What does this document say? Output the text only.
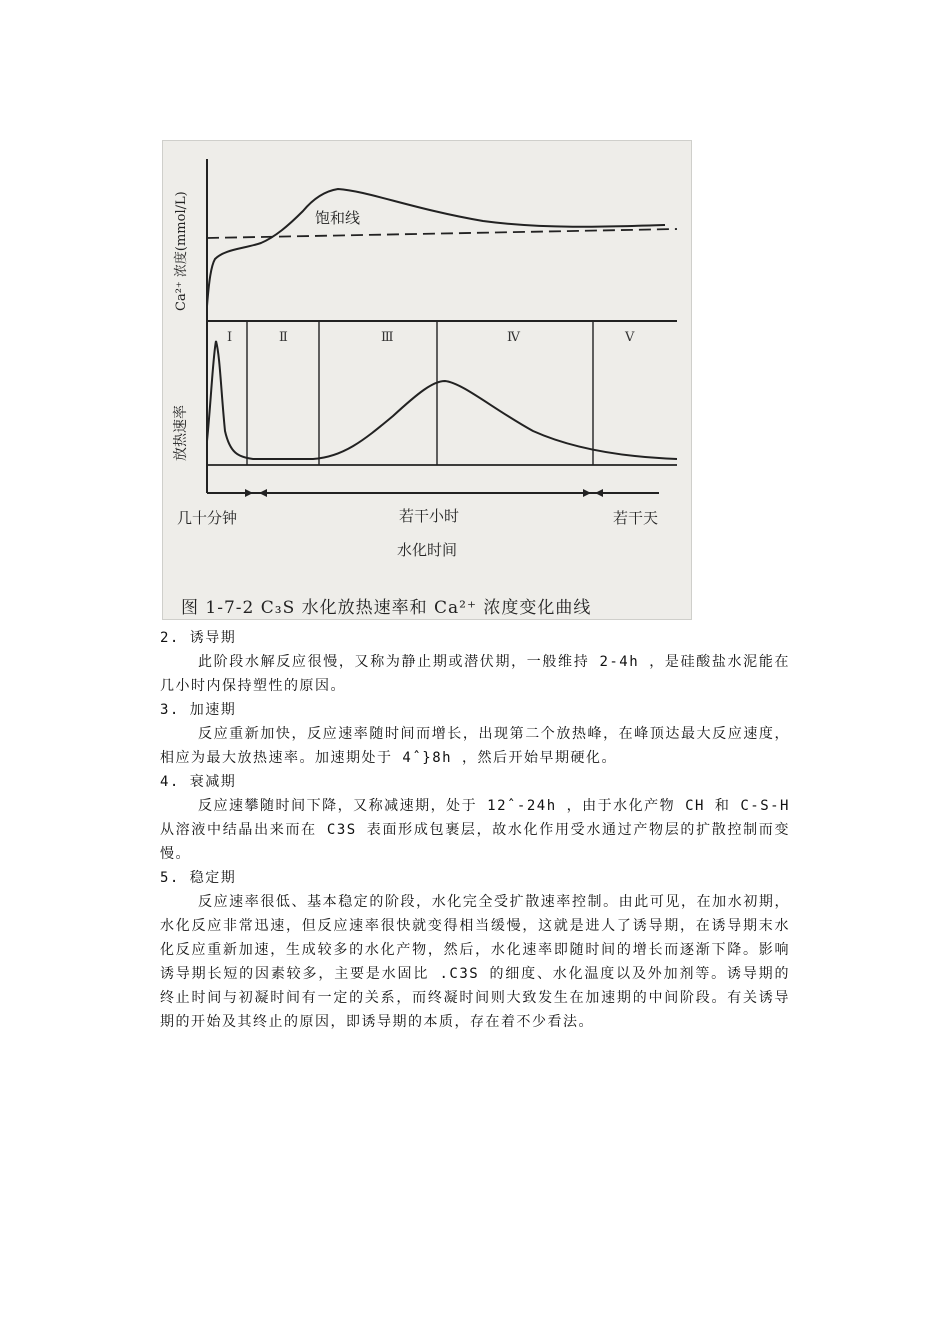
Ca²⁺ 浓度(mmol/L)
放热速率
饱和线
I	Ⅱ	Ⅲ	Ⅳ	Ⅴ
几十分钟	若干小时	若干天
水化时间
图 1-7-2 C₃S 水化放热速率和 Ca²⁺ 浓度变化曲线

2. 诱导期

此阶段水解反应很慢，又称为静止期或潜伏期，一般维持 2-4h ，是硅酸盐水泥能在几小时内保持塑性的原因。

3. 加速期

反应重新加快，反应速率随时间而增长，出现第二个放热峰，在峰顶达最大反应速度，相应为最大放热速率。加速期处于 4ˆ}8h ，然后开始早期硬化。

4. 衰减期

反应速攀随时间下降，又称减速期，处于 12ˆ-24h ，由于水化产物 CH 和 C-S-H 从溶液中结晶出来而在 C3S 表面形成包裹层，故水化作用受水通过产物层的扩散控制而变慢。

5. 稳定期

反应速率很低、基本稳定的阶段，水化完全受扩散速率控制。由此可见，在加水初期，水化反应非常迅速，但反应速率很快就变得相当缓慢，这就是进人了诱导期，在诱导期末水化反应重新加速，生成较多的水化产物，然后，水化速率即随时间的增长而逐渐下降。影响诱导期长短的因素较多，主要是水固比 .C3S 的细度、水化温度以及外加剂等。诱导期的终止时间与初凝时间有一定的关系，而终凝时间则大致发生在加速期的中间阶段。有关诱导期的开始及其终止的原因，即诱导期的本质，存在着不少看法。
